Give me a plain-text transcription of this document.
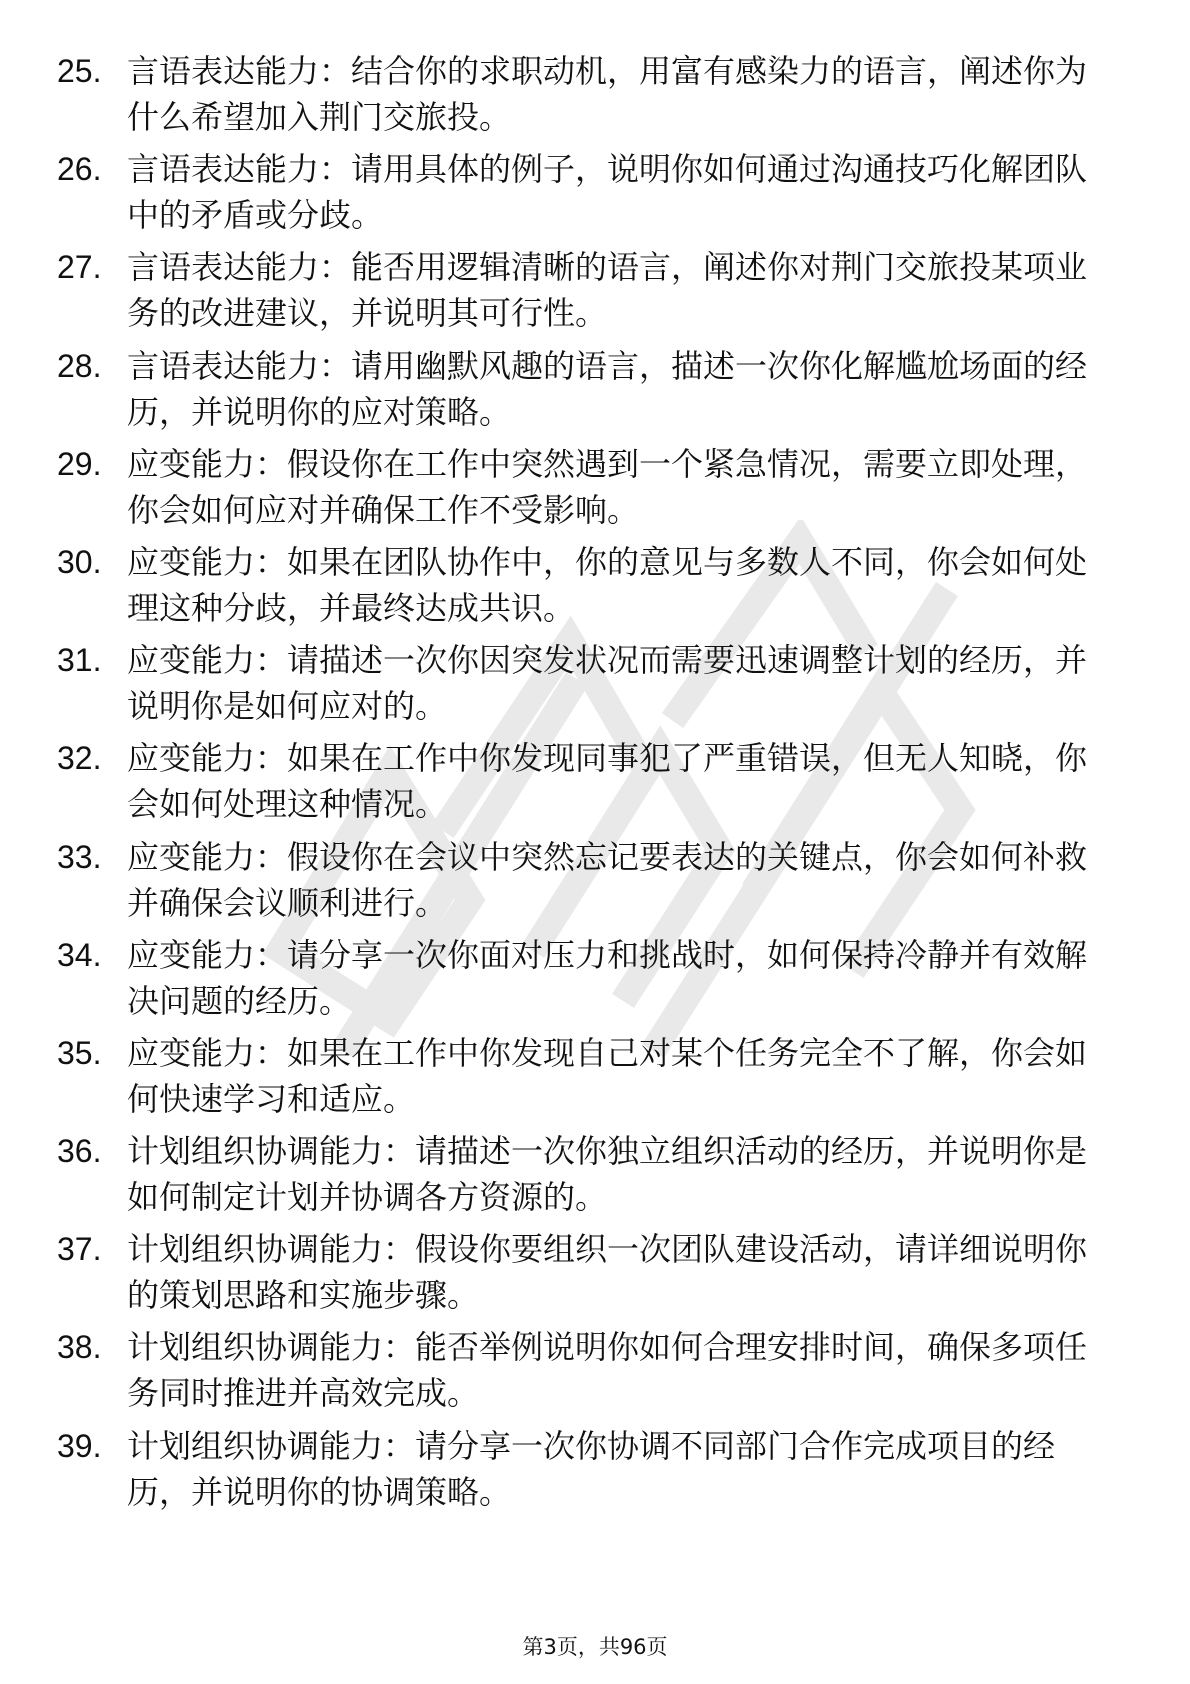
25. 言语表达能力：结合你的求职动机，用富有感染力的语言，阐述你为什么希望加入荆门交旅投。
26. 言语表达能力：请用具体的例子，说明你如何通过沟通技巧化解团队中的矛盾或分歧。
27. 言语表达能力：能否用逻辑清晰的语言，阐述你对荆门交旅投某项业务的改进建议，并说明其可行性。
28. 言语表达能力：请用幽默风趣的语言，描述一次你化解尴尬场面的经历，并说明你的应对策略。
29. 应变能力：假设你在工作中突然遇到一个紧急情况，需要立即处理，你会如何应对并确保工作不受影响。
30. 应变能力：如果在团队协作中，你的意见与多数人不同，你会如何处理这种分歧，并最终达成共识。
31. 应变能力：请描述一次你因突发状况而需要迅速调整计划的经历，并说明你是如何应对的。
32. 应变能力：如果在工作中你发现同事犯了严重错误，但无人知晓，你会如何处理这种情况。
33. 应变能力：假设你在会议中突然忘记要表达的关键点，你会如何补救并确保会议顺利进行。
34. 应变能力：请分享一次你面对压力和挑战时，如何保持冷静并有效解决问题的经历。
35. 应变能力：如果在工作中你发现自己对某个任务完全不了解，你会如何快速学习和适应。
36. 计划组织协调能力：请描述一次你独立组织活动的经历，并说明你是如何制定计划并协调各方资源的。
37. 计划组织协调能力：假设你要组织一次团队建设活动，请详细说明你的策划思路和实施步骤。
38. 计划组织协调能力：能否举例说明你如何合理安排时间，确保多项任务同时推进并高效完成。
39. 计划组织协调能力：请分享一次你协调不同部门合作完成项目的经历，并说明你的协调策略。
第3页，共96页
